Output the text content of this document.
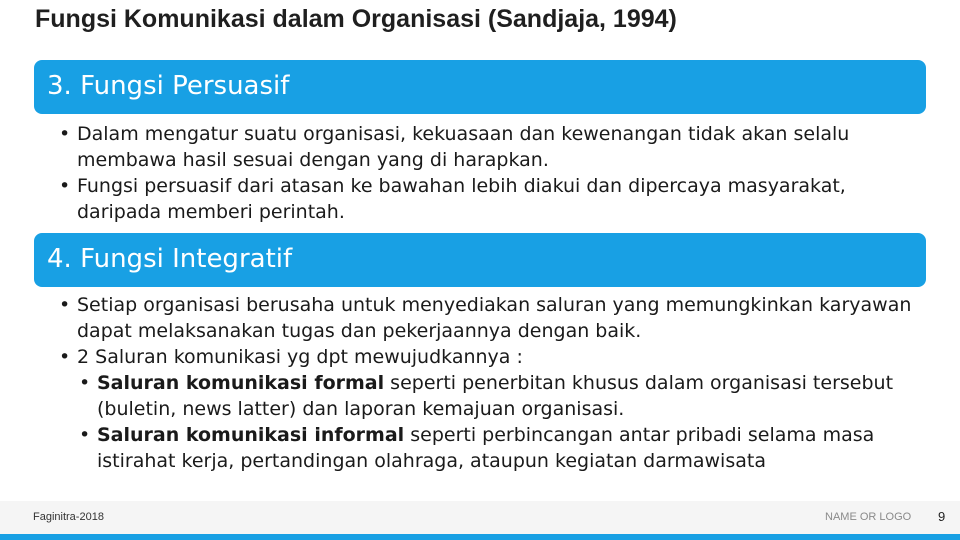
Fungsi Komunikasi dalam Organisasi (Sandjaja, 1994)
3. Fungsi Persuasif
• Dalam mengatur suatu organisasi, kekuasaan dan kewenangan tidak akan selalu membawa hasil sesuai dengan yang di harapkan.
• Fungsi persuasif dari atasan ke bawahan lebih diakui dan dipercaya masyarakat, daripada memberi perintah.
4. Fungsi Integratif
• Setiap organisasi berusaha untuk menyediakan saluran yang memungkinkan karyawan dapat melaksanakan tugas dan pekerjaannya dengan baik.
• 2 Saluran komunikasi yg dpt mewujudkannya :
• Saluran komunikasi formal seperti penerbitan khusus dalam organisasi tersebut (buletin, news latter) dan laporan kemajuan organisasi.
• Saluran komunikasi informal seperti perbincangan antar pribadi selama masa istirahat kerja, pertandingan olahraga, ataupun kegiatan darmawisata
Faginitra-2018	NAME OR LOGO 9
